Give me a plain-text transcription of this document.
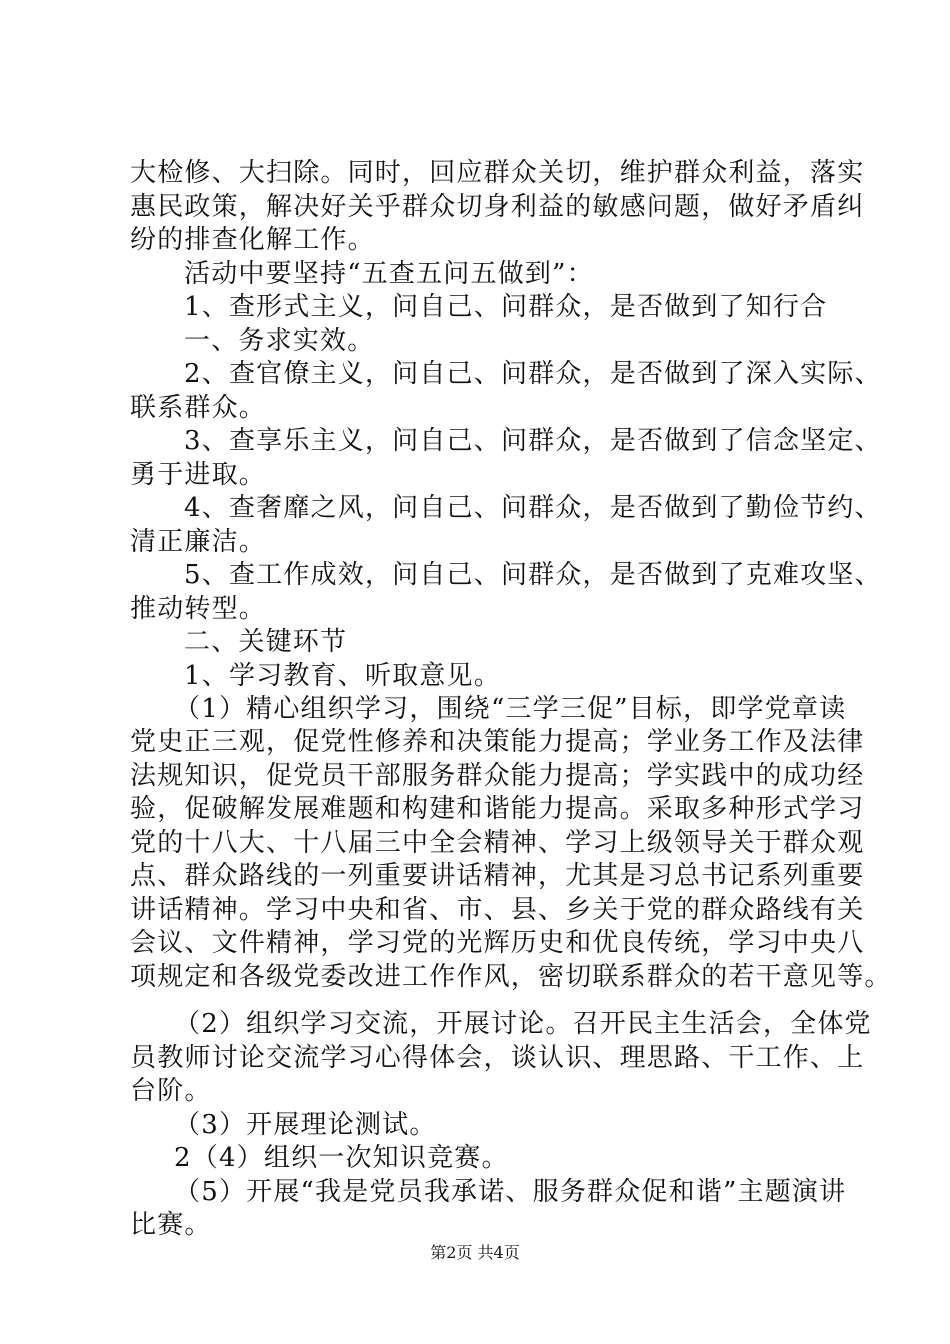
大检修、大扫除。同时，回应群众关切，维护群众利益，落实
惠民政策，解决好关乎群众切身利益的敏感问题，做好矛盾纠
纷的排查化解工作。
活动中要坚持“五查五问五做到”：
1、查形式主义，问自己、问群众，是否做到了知行合
一、务求实效。
2、查官僚主义，问自己、问群众，是否做到了深入实际、
联系群众。
3、查享乐主义，问自己、问群众，是否做到了信念坚定、
勇于进取。
4、查奢靡之风，问自己、问群众，是否做到了勤俭节约、
清正廉洁。
5、查工作成效，问自己、问群众，是否做到了克难攻坚、
推动转型。
二、关键环节
1、学习教育、听取意见。
（1）精心组织学习，围绕“三学三促”目标，即学党章读
党史正三观，促党性修养和决策能力提高；学业务工作及法律
法规知识，促党员干部服务群众能力提高；学实践中的成功经
验，促破解发展难题和构建和谐能力提高。采取多种形式学习
党的十八大、十八届三中全会精神、学习上级领导关于群众观
点、群众路线的一列重要讲话精神，尤其是习总书记系列重要
讲话精神。学习中央和省、市、县、乡关于党的群众路线有关
会议、文件精神，学习党的光辉历史和优良传统，学习中央八
项规定和各级党委改进工作作风，密切联系群众的若干意见等。
（2）组织学习交流，开展讨论。召开民主生活会，全体党
员教师讨论交流学习心得体会，谈认识、理思路、干工作、上
台阶。
（3）开展理论测试。
2（4）组织一次知识竞赛。
（5）开展“我是党员我承诺、服务群众促和谐”主题演讲
比赛。
第2页 共4页
